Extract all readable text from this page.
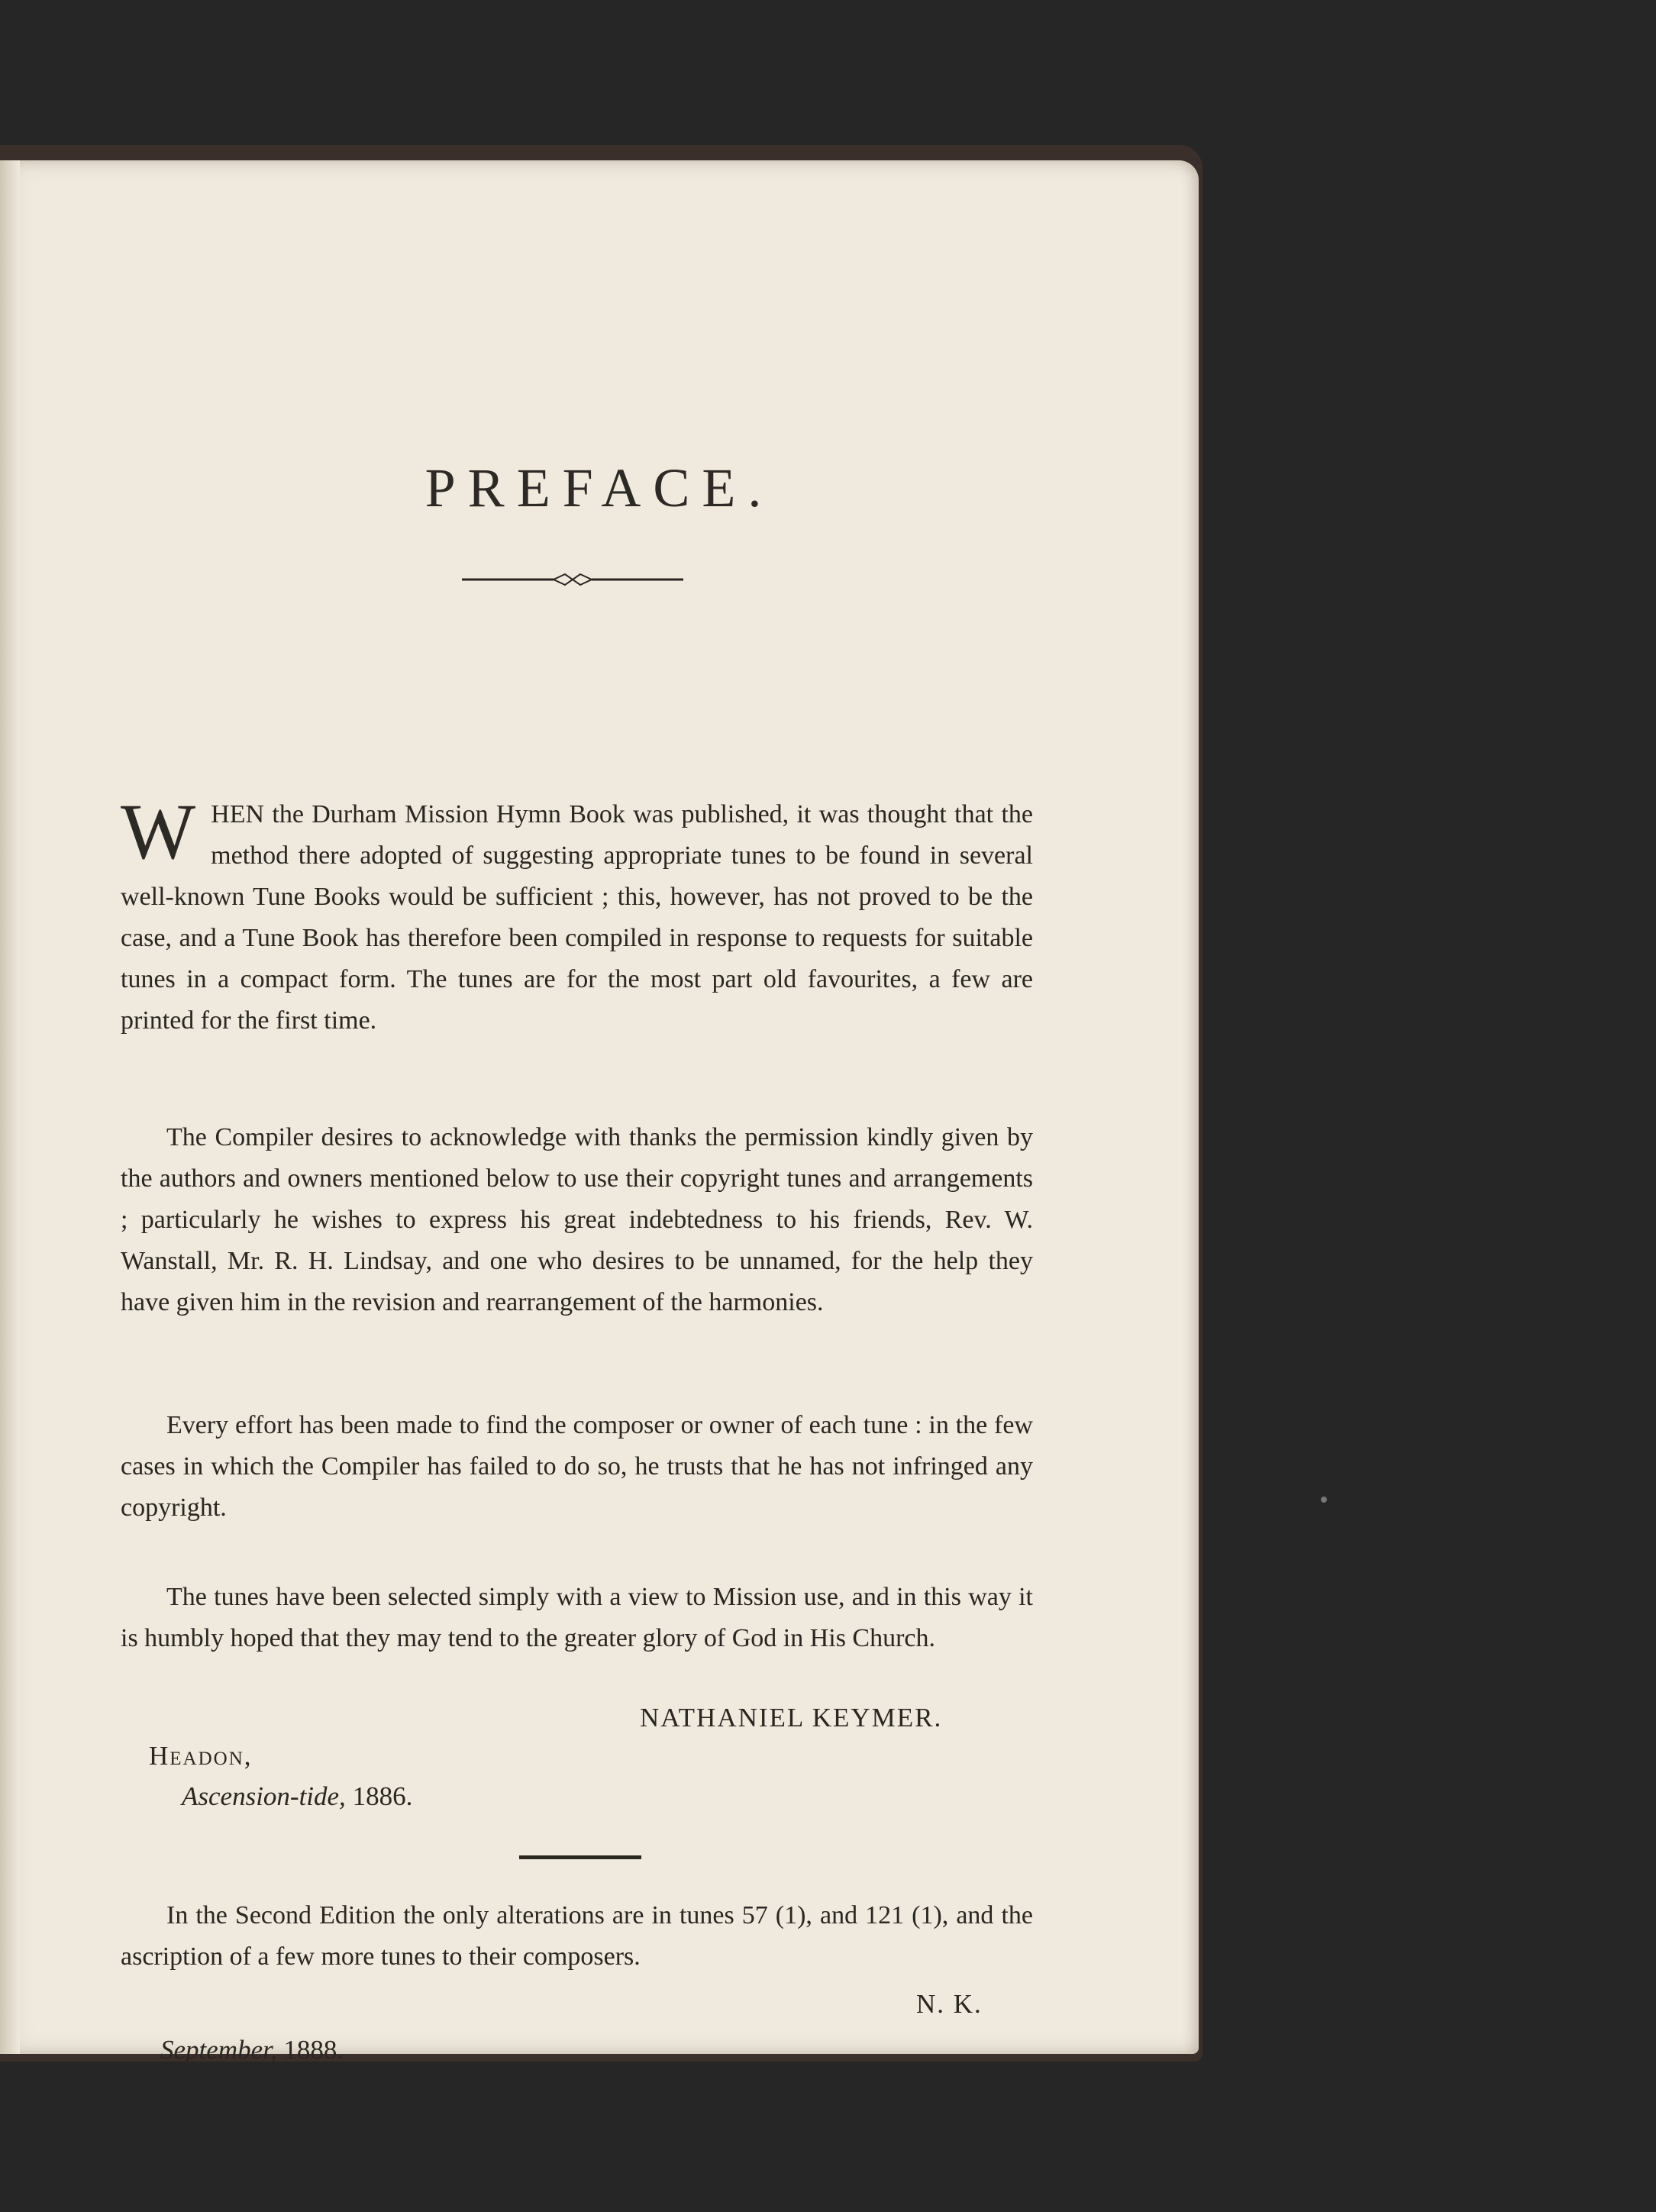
PREFACE.
WHEN the Durham Mission Hymn Book was published, it was thought that the method there adopted of suggesting appropriate tunes to be found in several well-known Tune Books would be sufficient ; this, however, has not proved to be the case, and a Tune Book has therefore been compiled in response to requests for suitable tunes in a compact form. The tunes are for the most part old favourites, a few are printed for the first time.
The Compiler desires to acknowledge with thanks the permission kindly given by the authors and owners mentioned below to use their copyright tunes and arrangements ; particularly he wishes to express his great indebtedness to his friends, Rev. W. Wanstall, Mr. R. H. Lindsay, and one who desires to be unnamed, for the help they have given him in the revision and rearrangement of the harmonies.
Every effort has been made to find the composer or owner of each tune : in the few cases in which the Compiler has failed to do so, he trusts that he has not infringed any copyright.
The tunes have been selected simply with a view to Mission use, and in this way it is humbly hoped that they may tend to the greater glory of God in His Church.
NATHANIEL KEYMER.
Headon,
Ascension-tide, 1886.
In the Second Edition the only alterations are in tunes 57 (1), and 121 (1), and the ascription of a few more tunes to their composers.
N. K.
September, 1888.
